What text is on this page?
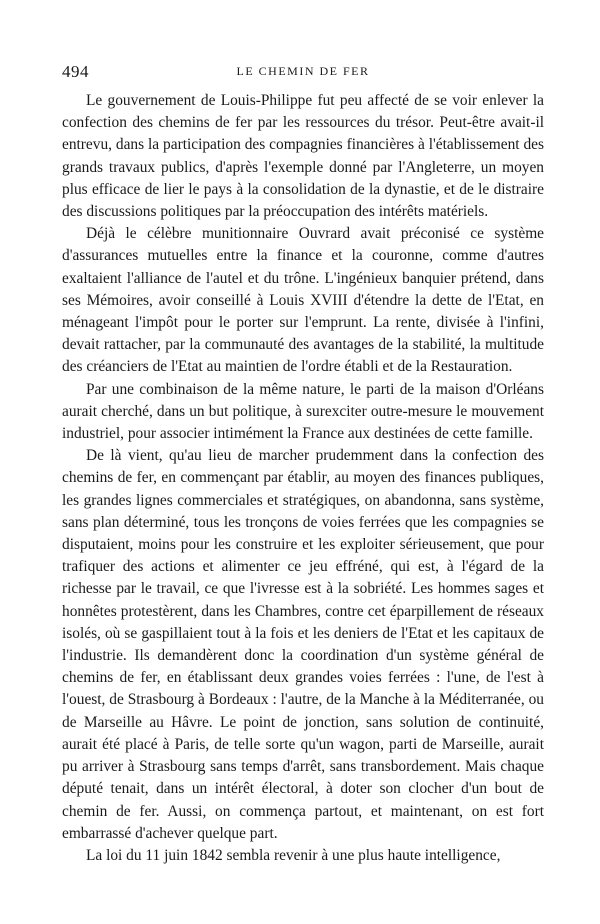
494	LE CHEMIN DE FER

Le gouvernement de Louis-Philippe fut peu affecté de se voir enlever la confection des chemins de fer par les ressources du trésor. Peut-être avait-il entrevu, dans la participation des compagnies financières à l'établissement des grands travaux publics, d'après l'exemple donné par l'Angleterre, un moyen plus efficace de lier le pays à la consolidation de la dynastie, et de le distraire des discussions politiques par la préoccupation des intérêts matériels.

Déjà le célèbre munitionnaire Ouvrard avait préconisé ce système d'assurances mutuelles entre la finance et la couronne, comme d'autres exaltaient l'alliance de l'autel et du trône. L'ingénieux banquier prétend, dans ses Mémoires, avoir conseillé à Louis XVIII d'étendre la dette de l'Etat, en ménageant l'impôt pour le porter sur l'emprunt. La rente, divisée à l'infini, devait rattacher, par la communauté des avantages de la stabilité, la multitude des créanciers de l'Etat au maintien de l'ordre établi et de la Restauration.

Par une combinaison de la même nature, le parti de la maison d'Orléans aurait cherché, dans un but politique, à surexciter outre-mesure le mouvement industriel, pour associer intimément la France aux destinées de cette famille.

De là vient, qu'au lieu de marcher prudemment dans la confection des chemins de fer, en commençant par établir, au moyen des finances publiques, les grandes lignes commerciales et stratégiques, on abandonna, sans système, sans plan déterminé, tous les tronçons de voies ferrées que les compagnies se disputaient, moins pour les construire et les exploiter sérieusement, que pour trafiquer des actions et alimenter ce jeu effréné, qui est, à l'égard de la richesse par le travail, ce que l'ivresse est à la sobriété. Les hommes sages et honnêtes protestèrent, dans les Chambres, contre cet éparpillement de réseaux isolés, où se gaspillaient tout à la fois et les deniers de l'Etat et les capitaux de l'industrie. Ils demandèrent donc la coordination d'un système général de chemins de fer, en établissant deux grandes voies ferrées : l'une, de l'est à l'ouest, de Strasbourg à Bordeaux : l'autre, de la Manche à la Méditerranée, ou de Marseille au Hâvre. Le point de jonction, sans solution de continuité, aurait été placé à Paris, de telle sorte qu'un wagon, parti de Marseille, aurait pu arriver à Strasbourg sans temps d'arrêt, sans transbordement. Mais chaque député tenait, dans un intérêt électoral, à doter son clocher d'un bout de chemin de fer. Aussi, on commença partout, et maintenant, on est fort embarrassé d'achever quelque part.

La loi du 11 juin 1842 sembla revenir à une plus haute intelligence,
